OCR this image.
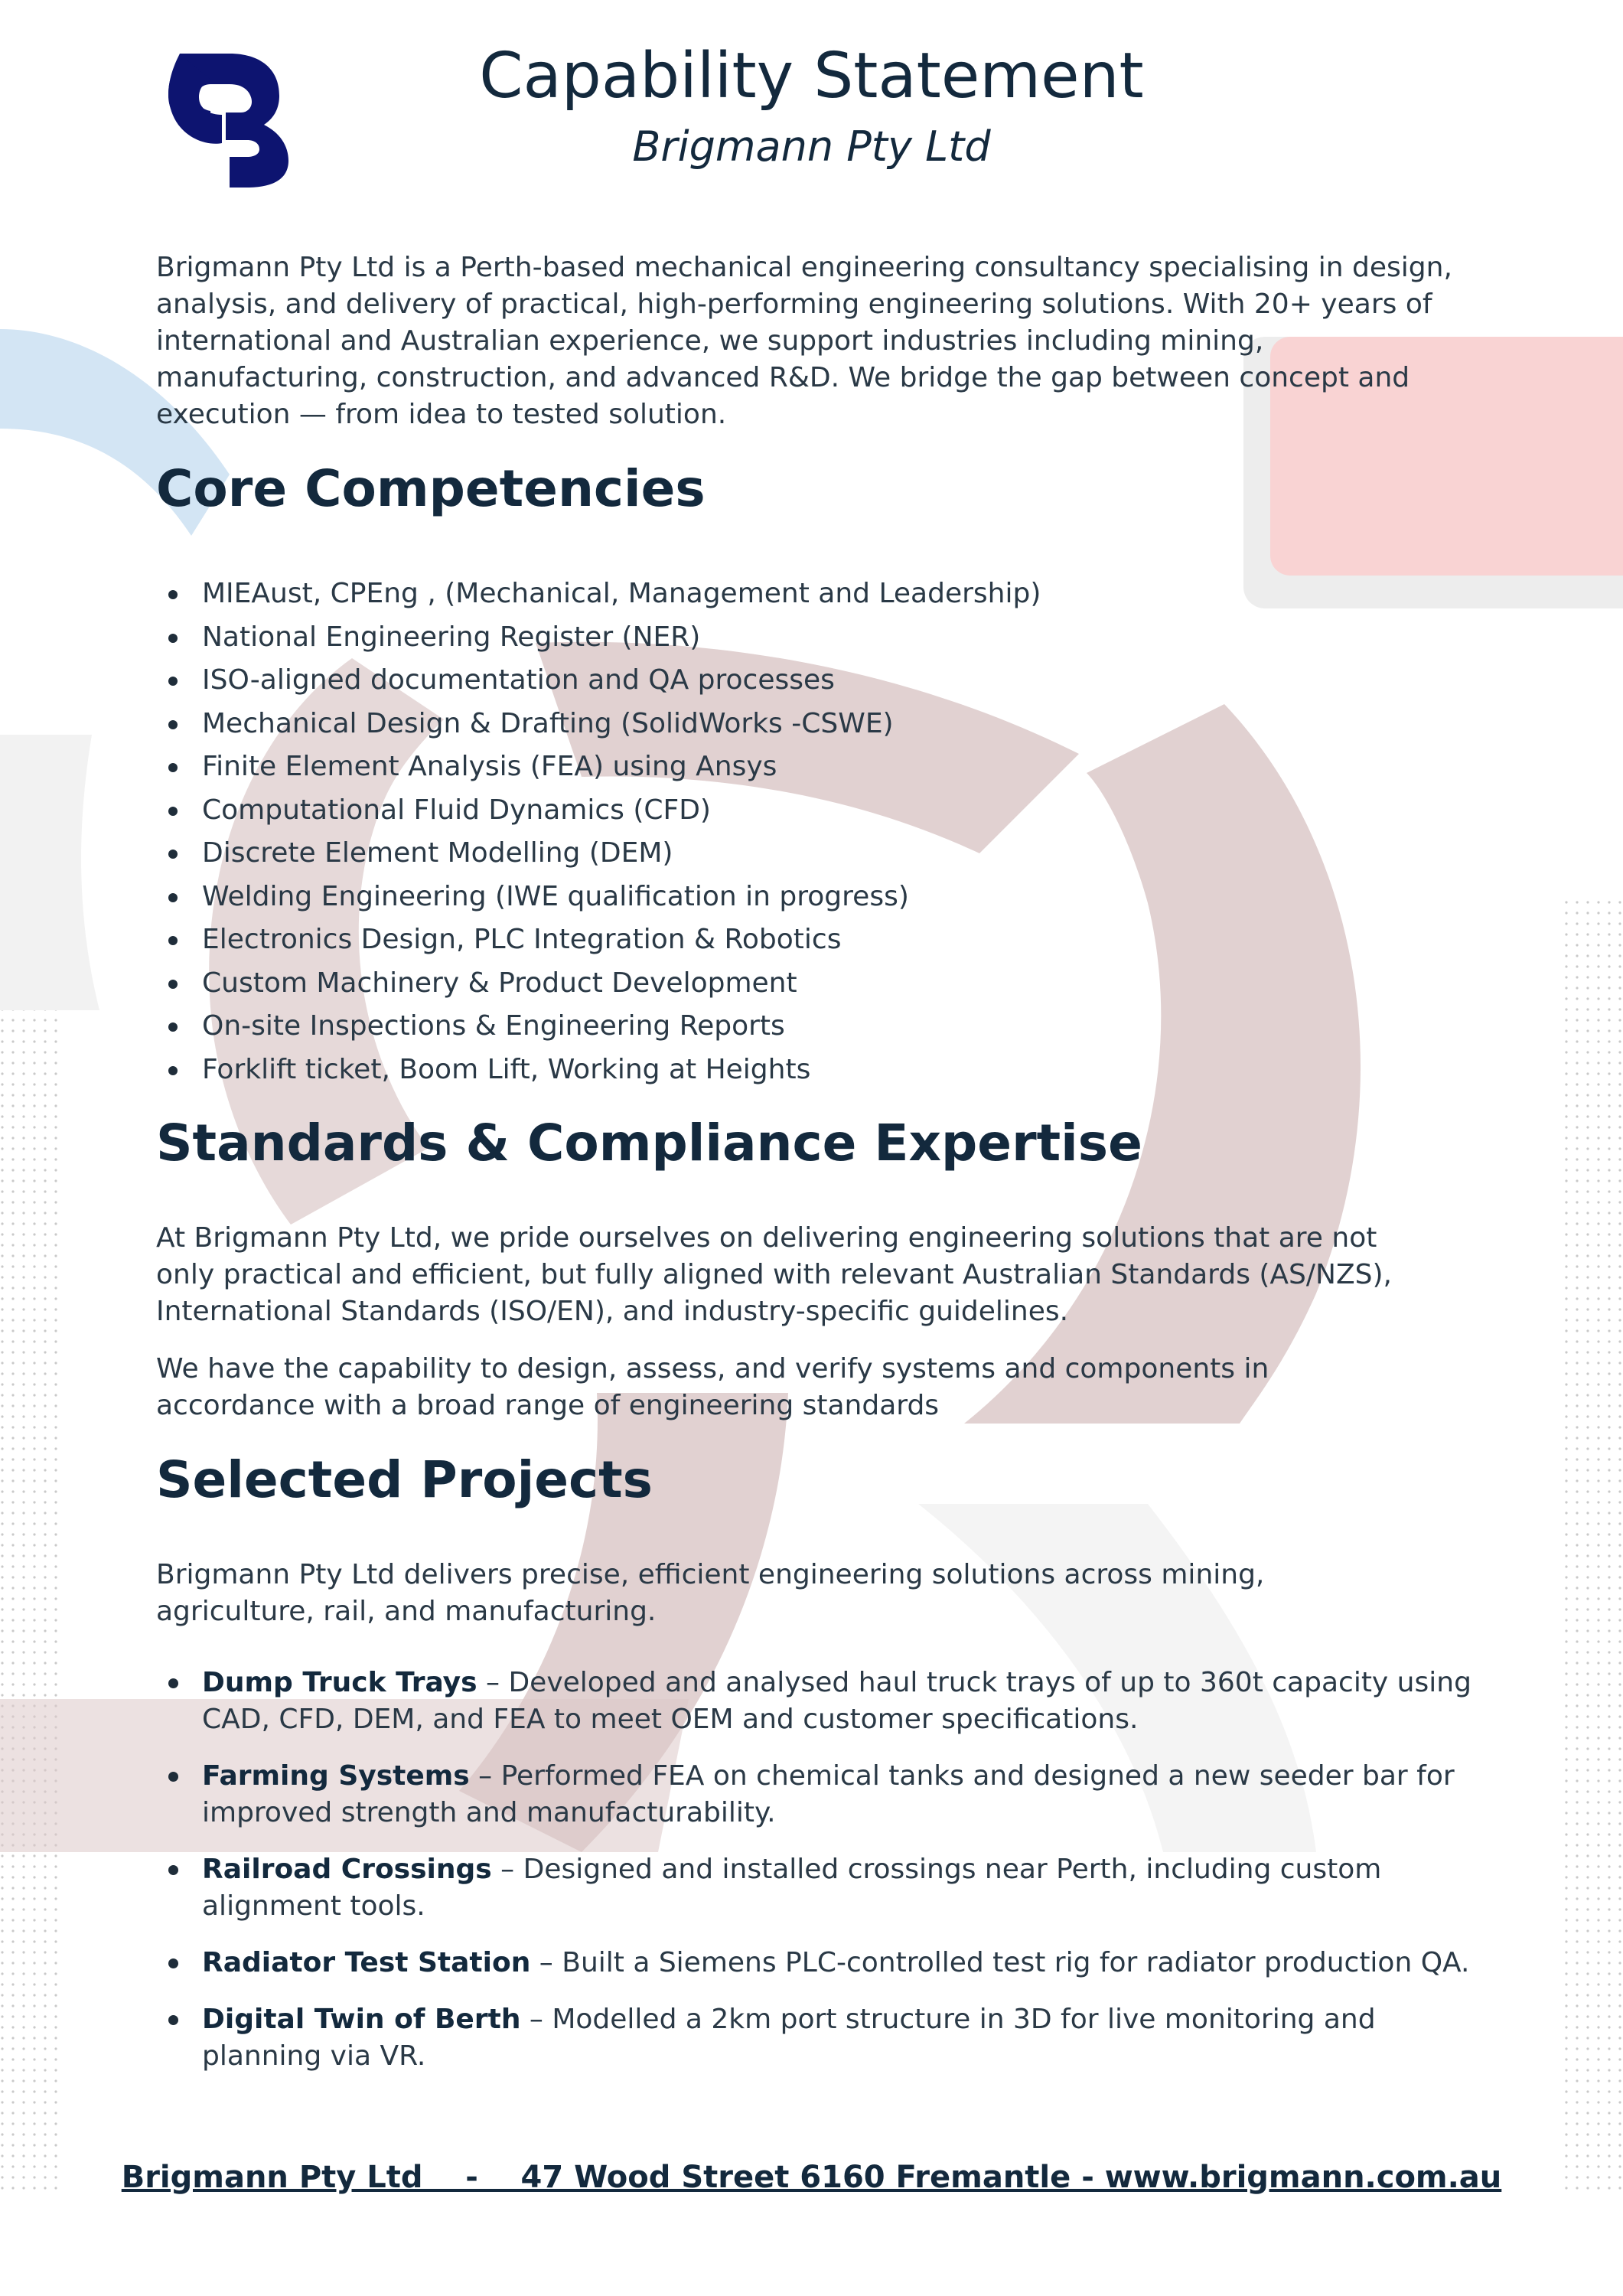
Capability Statement
Brigmann Pty Ltd

Brigmann Pty Ltd is a Perth-based mechanical engineering consultancy specialising in design, analysis, and delivery of practical, high-performing engineering solutions. With 20+ years of international and Australian experience, we support industries including mining, manufacturing, construction, and advanced R&D. We bridge the gap between concept and execution — from idea to tested solution.

Core Competencies
MIEAust, CPEng , (Mechanical, Management and Leadership)
National Engineering Register (NER)
ISO-aligned documentation and QA processes
Mechanical Design & Drafting (SolidWorks -CSWE)
Finite Element Analysis (FEA) using Ansys
Computational Fluid Dynamics (CFD)
Discrete Element Modelling (DEM)
Welding Engineering (IWE qualification in progress)
Electronics Design, PLC Integration & Robotics
Custom Machinery & Product Development
On-site Inspections & Engineering Reports
Forklift ticket, Boom Lift, Working at Heights
Standards & Compliance Expertise

At Brigmann Pty Ltd, we pride ourselves on delivering engineering solutions that are not only practical and efficient, but fully aligned with relevant Australian Standards (AS/NZS), International Standards (ISO/EN), and industry-specific guidelines.

We have the capability to design, assess, and verify systems and components in accordance with a broad range of engineering standards

Selected Projects

Brigmann Pty Ltd delivers precise, efficient engineering solutions across mining, agriculture, rail, and manufacturing.

Dump Truck Trays – Developed and analysed haul truck trays of up to 360t capacity using CAD, CFD, DEM, and FEA to meet OEM and customer specifications.
Farming Systems – Performed FEA on chemical tanks and designed a new seeder bar for improved strength and manufacturability.
Railroad Crossings – Designed and installed crossings near Perth, including custom alignment tools.
Radiator Test Station – Built a Siemens PLC-controlled test rig for radiator production QA.
Digital Twin of Berth – Modelled a 2km port structure in 3D for live monitoring and planning via VR.
Brigmann Pty Ltd    -    47 Wood Street 6160 Fremantle - www.brigmann.com.au
